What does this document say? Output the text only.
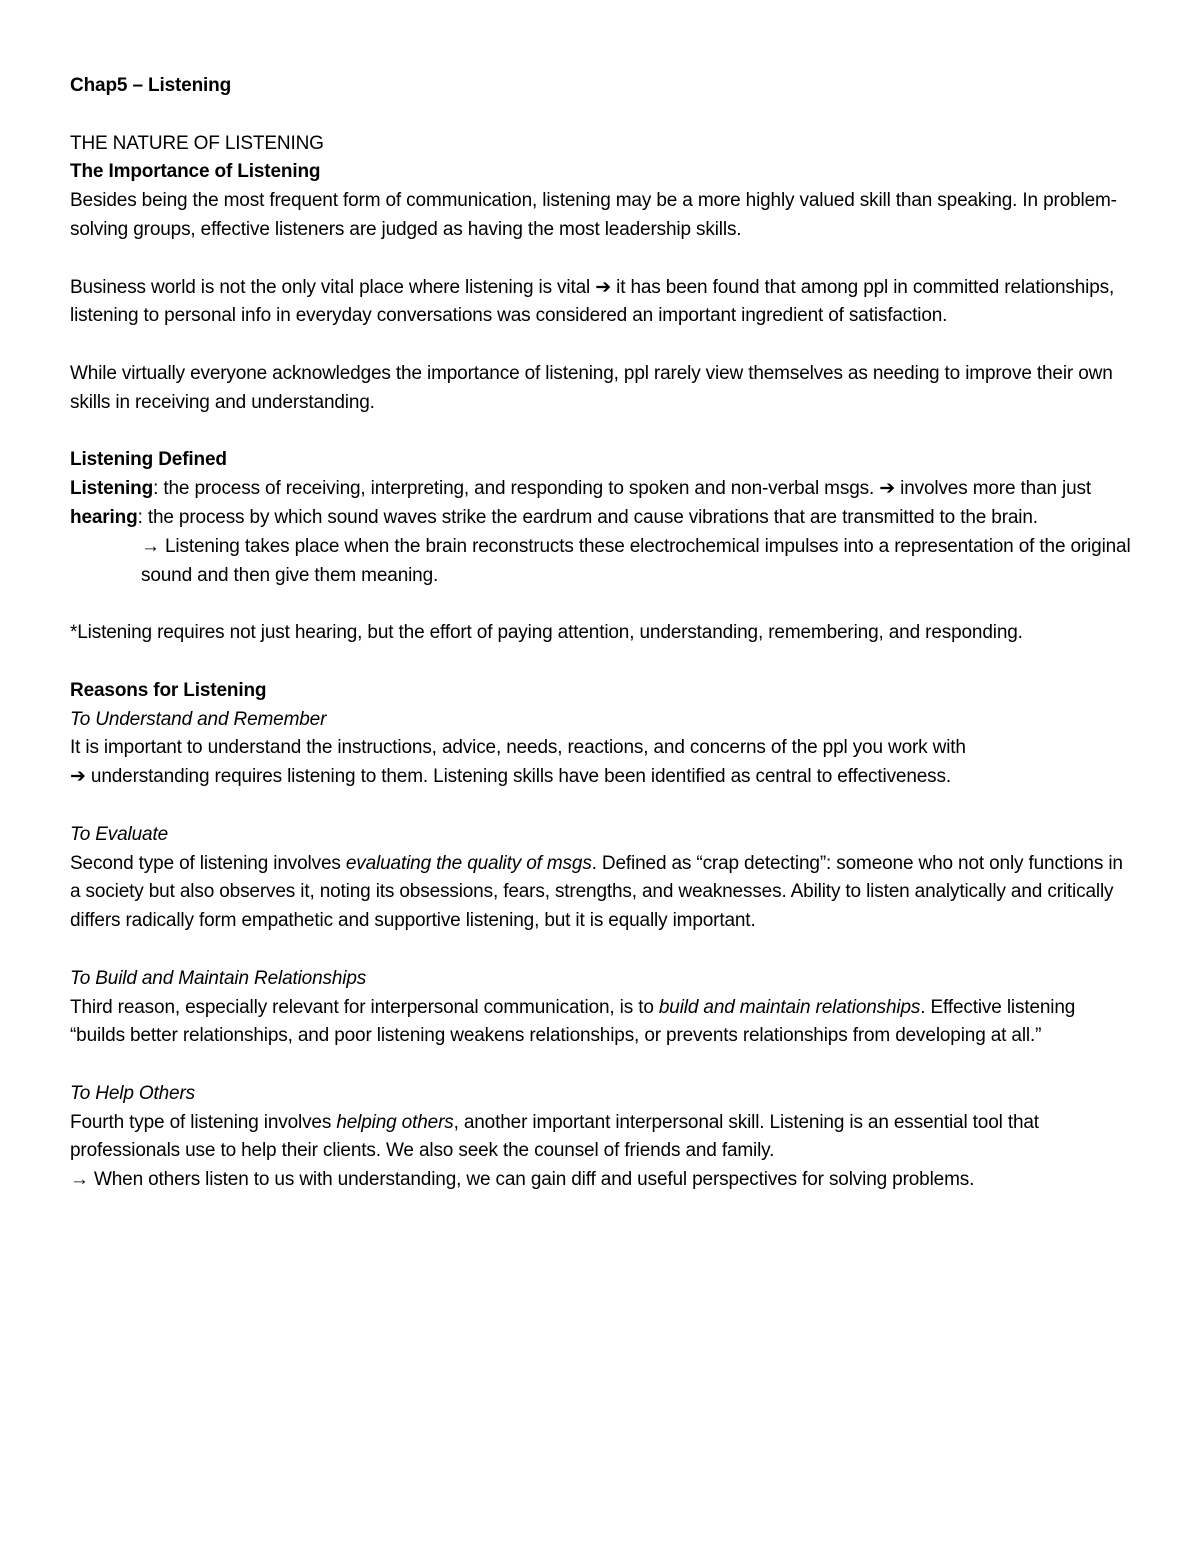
Chap5 – Listening

THE NATURE OF LISTENING

The Importance of Listening

Besides being the most frequent form of communication, listening may be a more highly valued skill than speaking. In problem-solving groups, effective listeners are judged as having the most leadership skills.

Business world is not the only vital place where listening is vital ➔ it has been found that among ppl in committed relationships, listening to personal info in everyday conversations was considered an important ingredient of satisfaction.

While virtually everyone acknowledges the importance of listening, ppl rarely view themselves as needing to improve their own skills in receiving and understanding.

Listening Defined

Listening: the process of receiving, interpreting, and responding to spoken and non-verbal msgs. ➔ involves more than just hearing: the process by which sound waves strike the eardrum and cause vibrations that are transmitted to the brain.

→ Listening takes place when the brain reconstructs these electrochemical impulses into a representation of the original sound and then give them meaning.

*Listening requires not just hearing, but the effort of paying attention, understanding, remembering, and responding.

Reasons for Listening

To Understand and Remember

It is important to understand the instructions, advice, needs, reactions, and concerns of the ppl you work with
➔ understanding requires listening to them. Listening skills have been identified as central to effectiveness.

To Evaluate

Second type of listening involves evaluating the quality of msgs. Defined as “crap detecting”: someone who not only functions in a society but also observes it, noting its obsessions, fears, strengths, and weaknesses. Ability to listen analytically and critically differs radically form empathetic and supportive listening, but it is equally important.

To Build and Maintain Relationships

Third reason, especially relevant for interpersonal communication, is to build and maintain relationships. Effective listening “builds better relationships, and poor listening weakens relationships, or prevents relationships from developing at all.”

To Help Others

Fourth type of listening involves helping others, another important interpersonal skill. Listening is an essential tool that professionals use to help their clients. We also seek the counsel of friends and family.

→ When others listen to us with understanding, we can gain diff and useful perspectives for solving problems.
